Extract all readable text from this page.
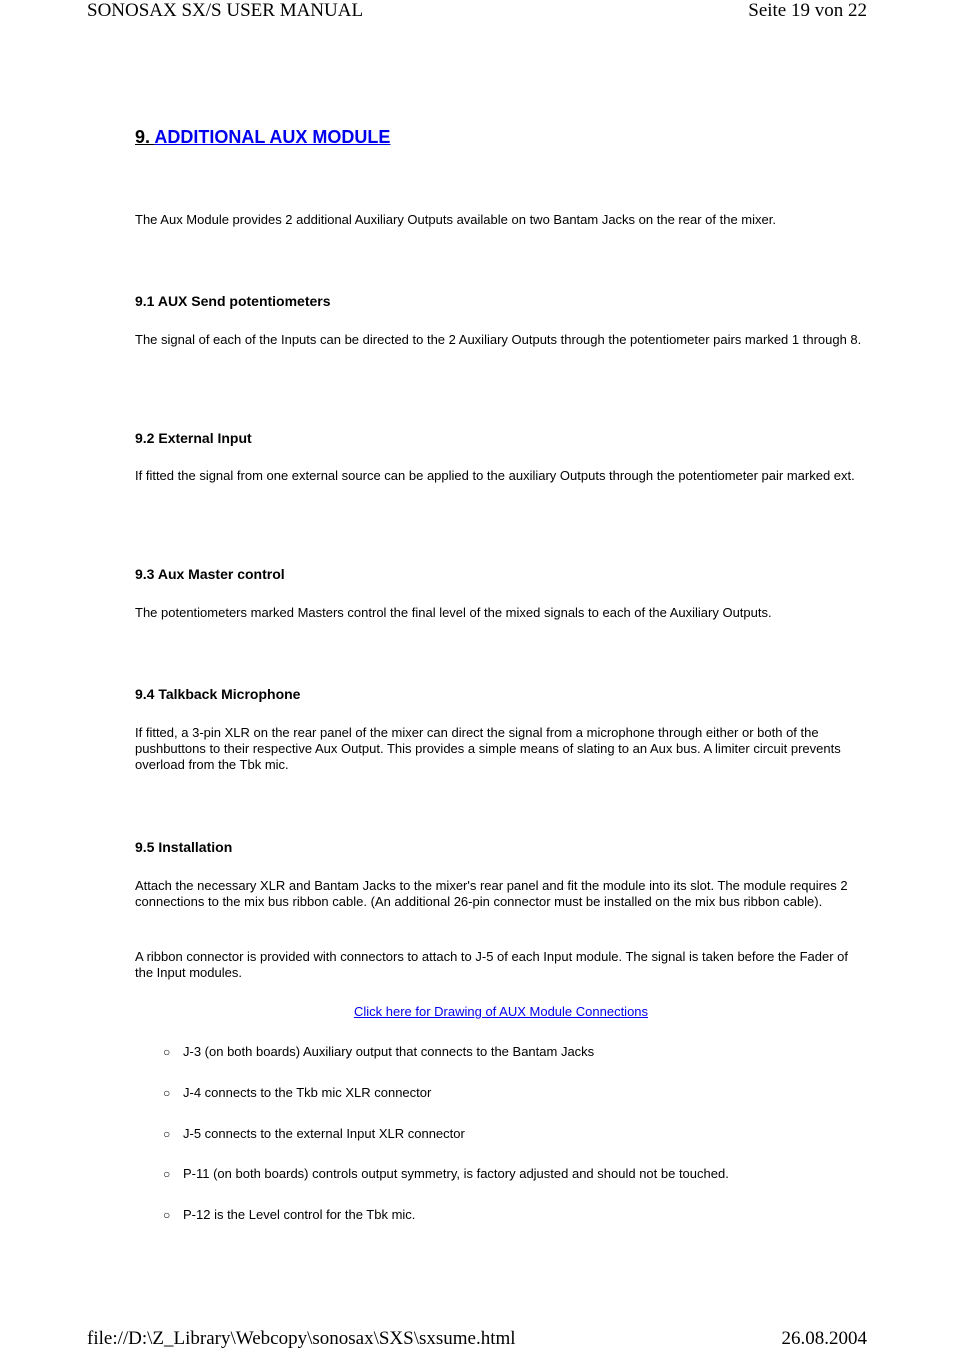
SONOSAX SX/S USER MANUAL	Seite 19 von 22
9. ADDITIONAL AUX MODULE
The Aux Module provides 2 additional Auxiliary Outputs available on two Bantam Jacks on the rear of the mixer.
9.1 AUX Send potentiometers
The signal of each of the Inputs can be directed to the 2 Auxiliary Outputs through the potentiometer pairs marked 1 through 8.
9.2 External Input
If fitted the signal from one external source can be applied to the auxiliary Outputs through the potentiometer pair marked ext.
9.3 Aux Master control
The potentiometers marked Masters control the final level of the mixed signals to each of the Auxiliary Outputs.
9.4 Talkback Microphone
If fitted, a 3-pin XLR on the rear panel of the mixer can direct the signal from a microphone through either or both of the pushbuttons to their respective Aux Output. This provides a simple means of slating to an Aux bus. A limiter circuit prevents overload from the Tbk mic.
9.5 Installation
Attach the necessary XLR and Bantam Jacks to the mixer's rear panel and fit the module into its slot. The module requires 2 connections to the mix bus ribbon cable. (An additional 26-pin connector must be installed on the mix bus ribbon cable).
A ribbon connector is provided with connectors to attach to J-5 of each Input module. The signal is taken before the Fader of the Input modules.
Click here for Drawing of AUX Module Connections
○ J-3 (on both boards) Auxiliary output that connects to the Bantam Jacks
○ J-4 connects to the Tkb mic XLR connector
○ J-5 connects to the external Input XLR connector
○ P-11 (on both boards) controls output symmetry, is factory adjusted and should not be touched.
○ P-12 is the Level control for the Tbk mic.
file://D:\Z_Library\Webcopy\sonosax\SXS\sxsume.html	26.08.2004
